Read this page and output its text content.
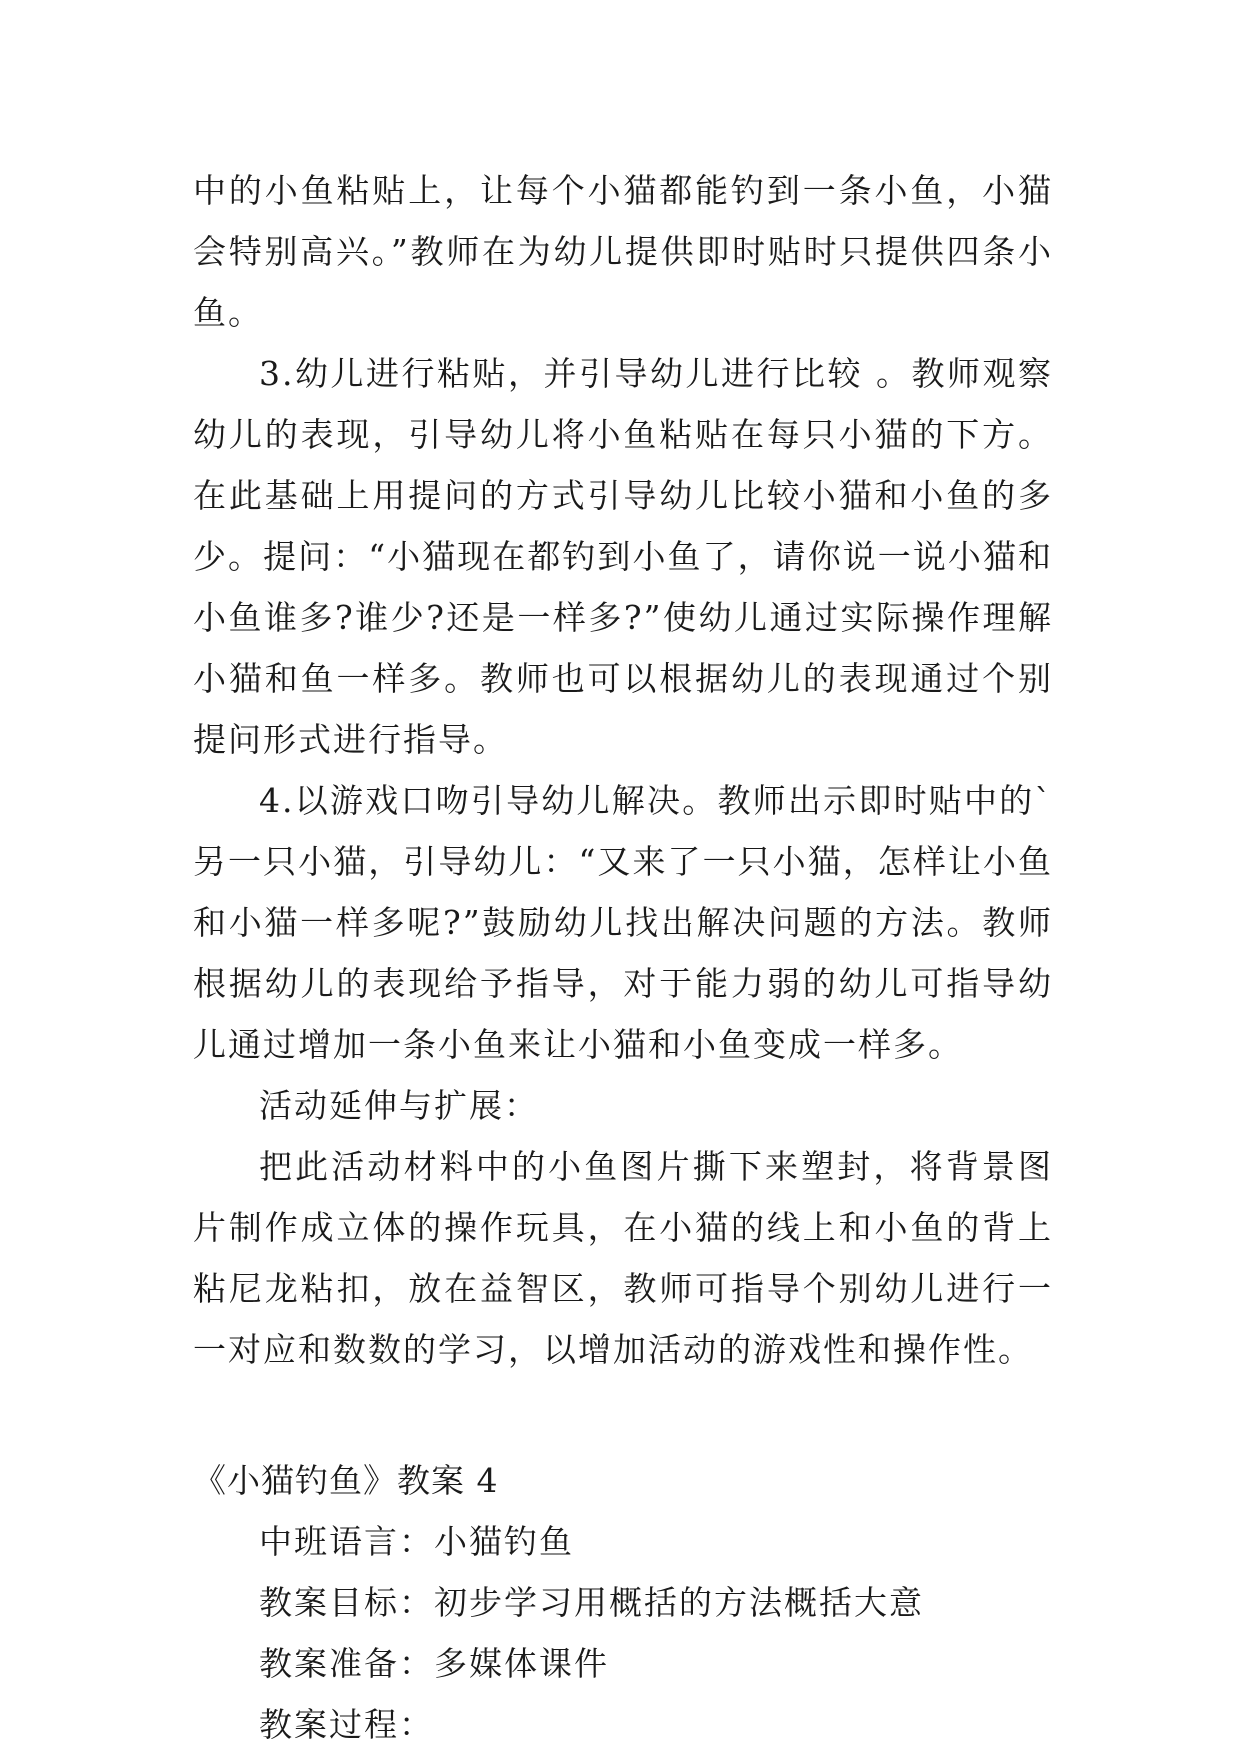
中的小鱼粘贴上，让每个小猫都能钓到一条小鱼，小猫会特别高兴。”教师在为幼儿提供即时贴时只提供四条小鱼。

3.幼儿进行粘贴，并引导幼儿进行比较 。教师观察幼儿的表现，引导幼儿将小鱼粘贴在每只小猫的下方。在此基础上用提问的方式引导幼儿比较小猫和小鱼的多少。提问：“小猫现在都钓到小鱼了，请你说一说小猫和小鱼谁多?谁少?还是一样多?”使幼儿通过实际操作理解小猫和鱼一样多。教师也可以根据幼儿的表现通过个别提问形式进行指导。

4.以游戏口吻引导幼儿解决。教师出示即时贴中的`另一只小猫，引导幼儿：“又来了一只小猫，怎样让小鱼和小猫一样多呢?”鼓励幼儿找出解决问题的方法。教师根据幼儿的表现给予指导，对于能力弱的幼儿可指导幼儿通过增加一条小鱼来让小猫和小鱼变成一样多。

活动延伸与扩展：

把此活动材料中的小鱼图片撕下来塑封，将背景图片制作成立体的操作玩具，在小猫的线上和小鱼的背上粘尼龙粘扣，放在益智区，教师可指导个别幼儿进行一一对应和数数的学习，以增加活动的游戏性和操作性。

《小猫钓鱼》教案 4

中班语言：小猫钓鱼

教案目标：初步学习用概括的方法概括大意

教案准备：多媒体课件

教案过程：
